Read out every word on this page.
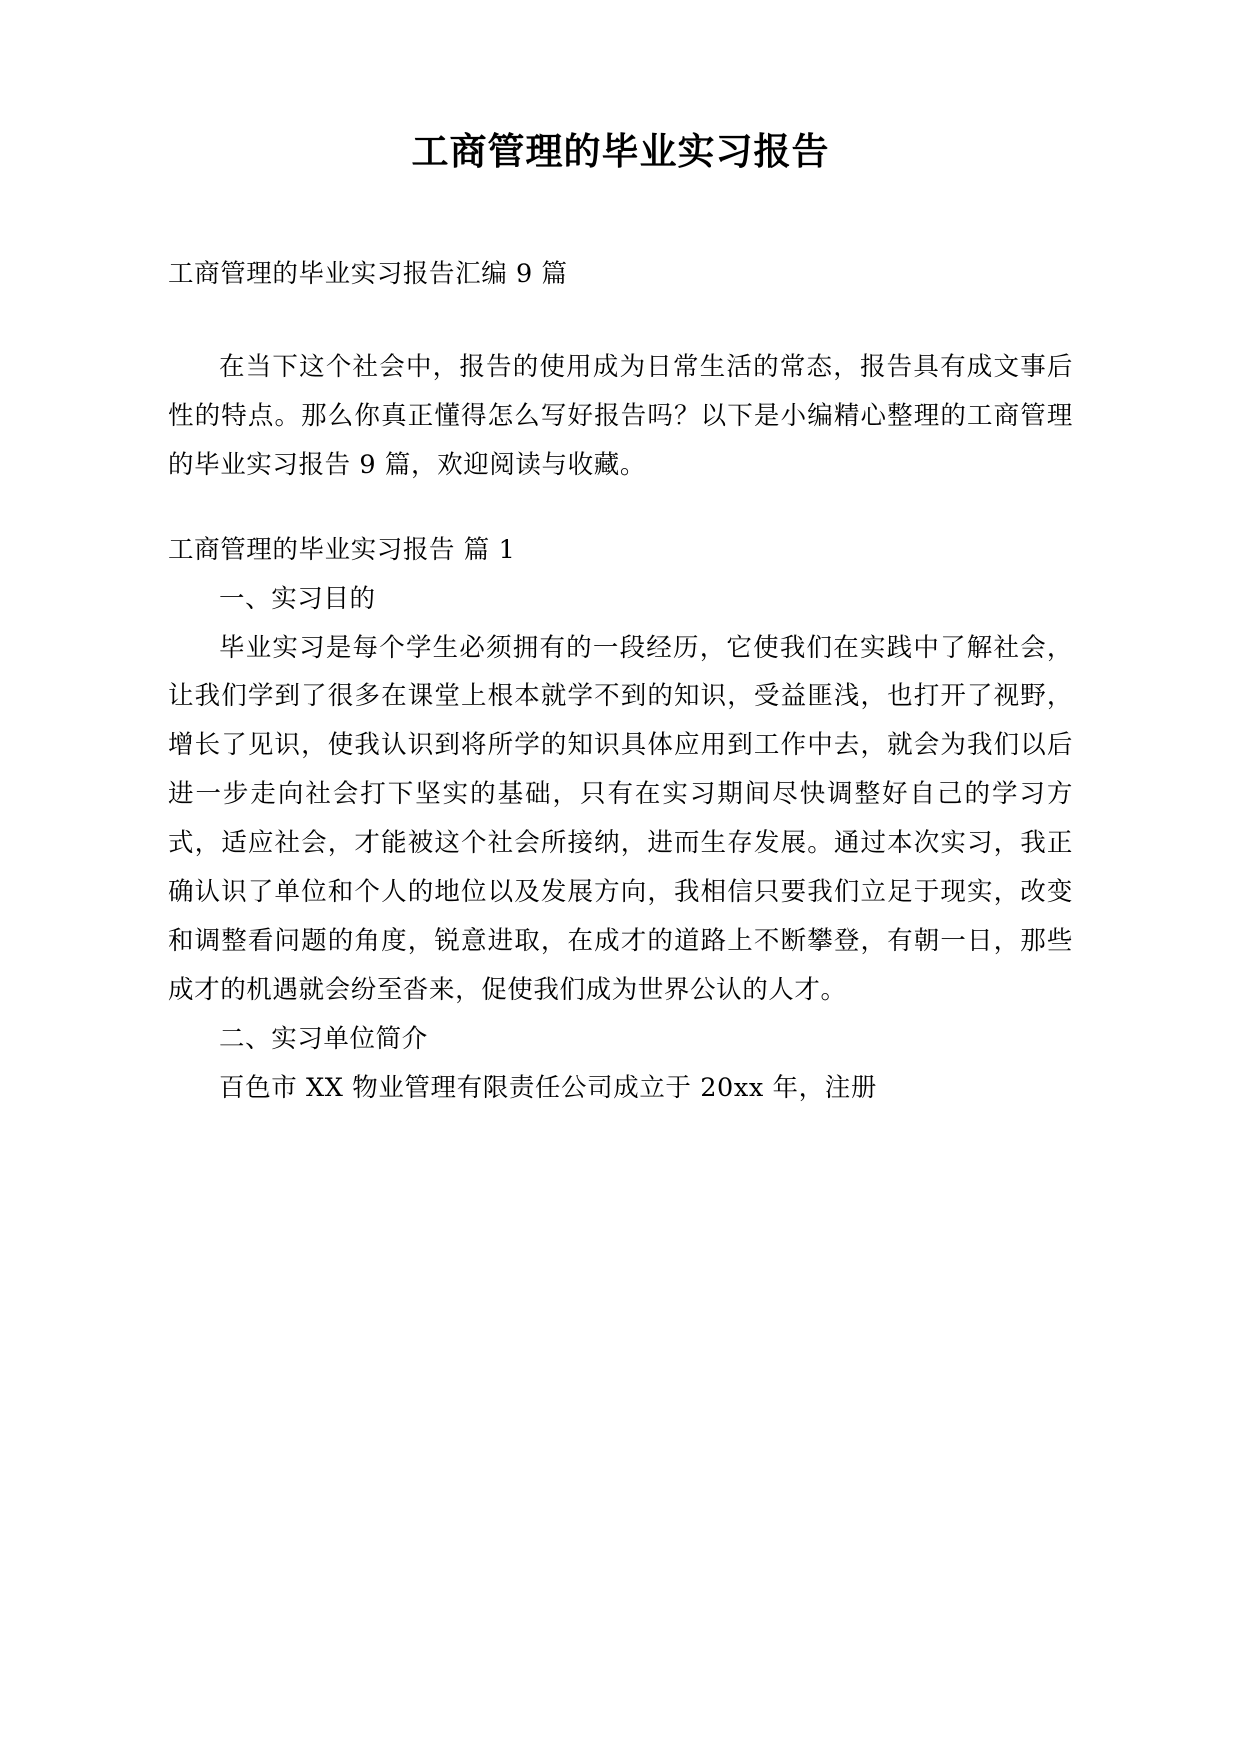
工商管理的毕业实习报告

工商管理的毕业实习报告汇编 9 篇

在当下这个社会中，报告的使用成为日常生活的常态，报告具有成文事后性的特点。那么你真正懂得怎么写好报告吗？以下是小编精心整理的工商管理的毕业实习报告 9 篇，欢迎阅读与收藏。

工商管理的毕业实习报告 篇 1

一、实习目的

毕业实习是每个学生必须拥有的一段经历，它使我们在实践中了解社会，让我们学到了很多在课堂上根本就学不到的知识，受益匪浅，也打开了视野，增长了见识，使我认识到将所学的知识具体应用到工作中去，就会为我们以后进一步走向社会打下坚实的基础，只有在实习期间尽快调整好自己的学习方式，适应社会，才能被这个社会所接纳，进而生存发展。通过本次实习，我正确认识了单位和个人的地位以及发展方向，我相信只要我们立足于现实，改变和调整看问题的角度，锐意进取，在成才的道路上不断攀登，有朝一日，那些成才的机遇就会纷至沓来，促使我们成为世界公认的人才。

二、实习单位简介

百色市 XX 物业管理有限责任公司成立于 20xx 年，注册
